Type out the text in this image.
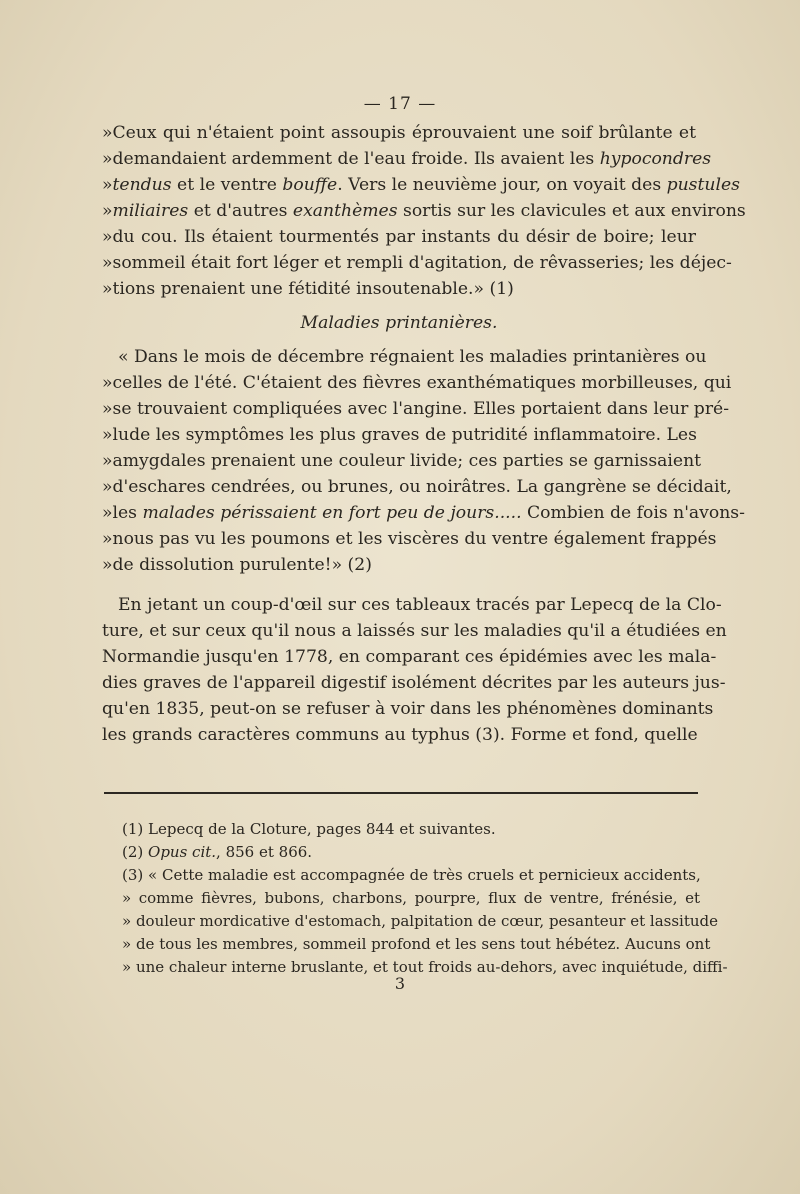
— 17 —
»Ceux qui n'étaient point assoupis éprouvaient une soif brûlante et
»demandaient ardemment de l'eau froide. Ils avaient les hypocondres
»tendus et le ventre bouffe. Vers le neuvième jour, on voyait des pustules
»miliaires et d'autres exanthèmes sortis sur les clavicules et aux environs
»du cou. Ils étaient tourmentés par instants du désir de boire; leur
»sommeil était fort léger et rempli d'agitation, de rêvasseries; les déjec-
»tions prenaient une fétidité insoutenable.» (1)
Maladies printanières.
« Dans le mois de décembre régnaient les maladies printanières ou
»celles de l'été. C'étaient des fièvres exanthématiques morbilleuses, qui
»se trouvaient compliquées avec l'angine. Elles portaient dans leur pré-
»lude les symptômes les plus graves de putridité inflammatoire. Les
»amygdales prenaient une couleur livide; ces parties se garnissaient
»d'eschares cendrées, ou brunes, ou noirâtres. La gangrène se décidait,
»les malades périssaient en fort peu de jours..... Combien de fois n'avons-
»nous pas vu les poumons et les viscères du ventre également frappés
»de dissolution purulente!» (2)
En jetant un coup-d'œil sur ces tableaux tracés par Lepecq de la Clo-
ture, et sur ceux qu'il nous a laissés sur les maladies qu'il a étudiées en
Normandie jusqu'en 1778, en comparant ces épidémies avec les mala-
dies graves de l'appareil digestif isolément décrites par les auteurs jus-
qu'en 1835, peut-on se refuser à voir dans les phénomènes dominants
les grands caractères communs au typhus (3). Forme et fond, quelle
(1) Lepecq de la Cloture, pages 844 et suivantes.
(2) Opus cit., 856 et 866.
(3) « Cette maladie est accompagnée de très cruels et pernicieux accidents,
» comme fièvres, bubons, charbons, pourpre, flux de ventre, frénésie, et
» douleur mordicative d'estomach, palpitation de cœur, pesanteur et lassitude
» de tous les membres, sommeil profond et les sens tout hébétez. Aucuns ont
» une chaleur interne bruslante, et tout froids au-dehors, avec inquiétude, diffi-
3
